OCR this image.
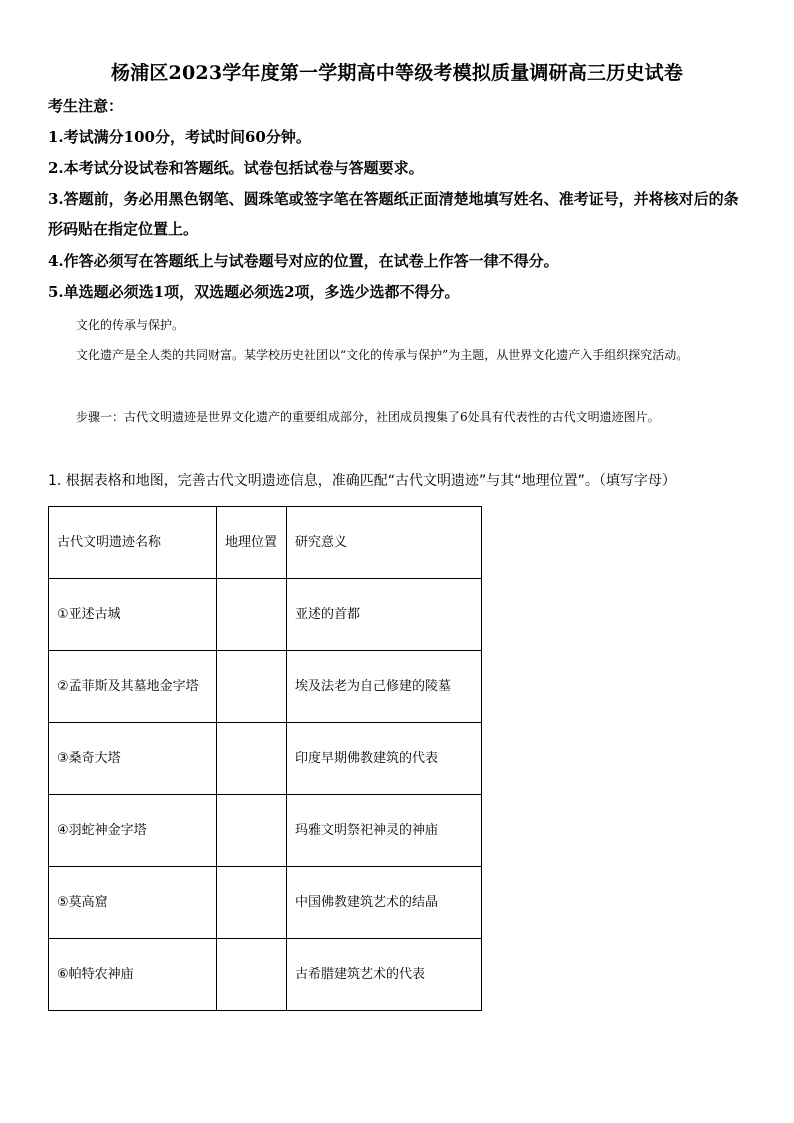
杨浦区2023学年度第一学期高中等级考模拟质量调研高三历史试卷
考生注意：
1.考试满分100分，考试时间60分钟。
2.本考试分设试卷和答题纸。试卷包括试卷与答题要求。
3.答题前，务必用黑色钢笔、圆珠笔或签字笔在答题纸正面清楚地填写姓名、准考证号，并将核对后的条形码贴在指定位置上。
4.作答必须写在答题纸上与试卷题号对应的位置，在试卷上作答一律不得分。
5.单选题必须选1项，双选题必须选2项，多选少选都不得分。
文化的传承与保护。
文化遗产是全人类的共同财富。某学校历史社团以“文化的传承与保护”为主题，从世界文化遗产入手组织探究活动。
步骤一：古代文明遗迹是世界文化遗产的重要组成部分，社团成员搜集了6处具有代表性的古代文明遗迹图片。
1. 根据表格和地图，完善古代文明遗迹信息，准确匹配“古代文明遗迹”与其“地理位置”。（填写字母）
古代文明遗迹名称	地理位置	研究意义
①亚述古城		亚述的首都
②孟菲斯及其墓地金字塔		埃及法老为自己修建的陵墓
③桑奇大塔		印度早期佛教建筑的代表
④羽蛇神金字塔		玛雅文明祭祀神灵的神庙
⑤莫高窟		中国佛教建筑艺术的结晶
⑥帕特农神庙		古希腊建筑艺术的代表
